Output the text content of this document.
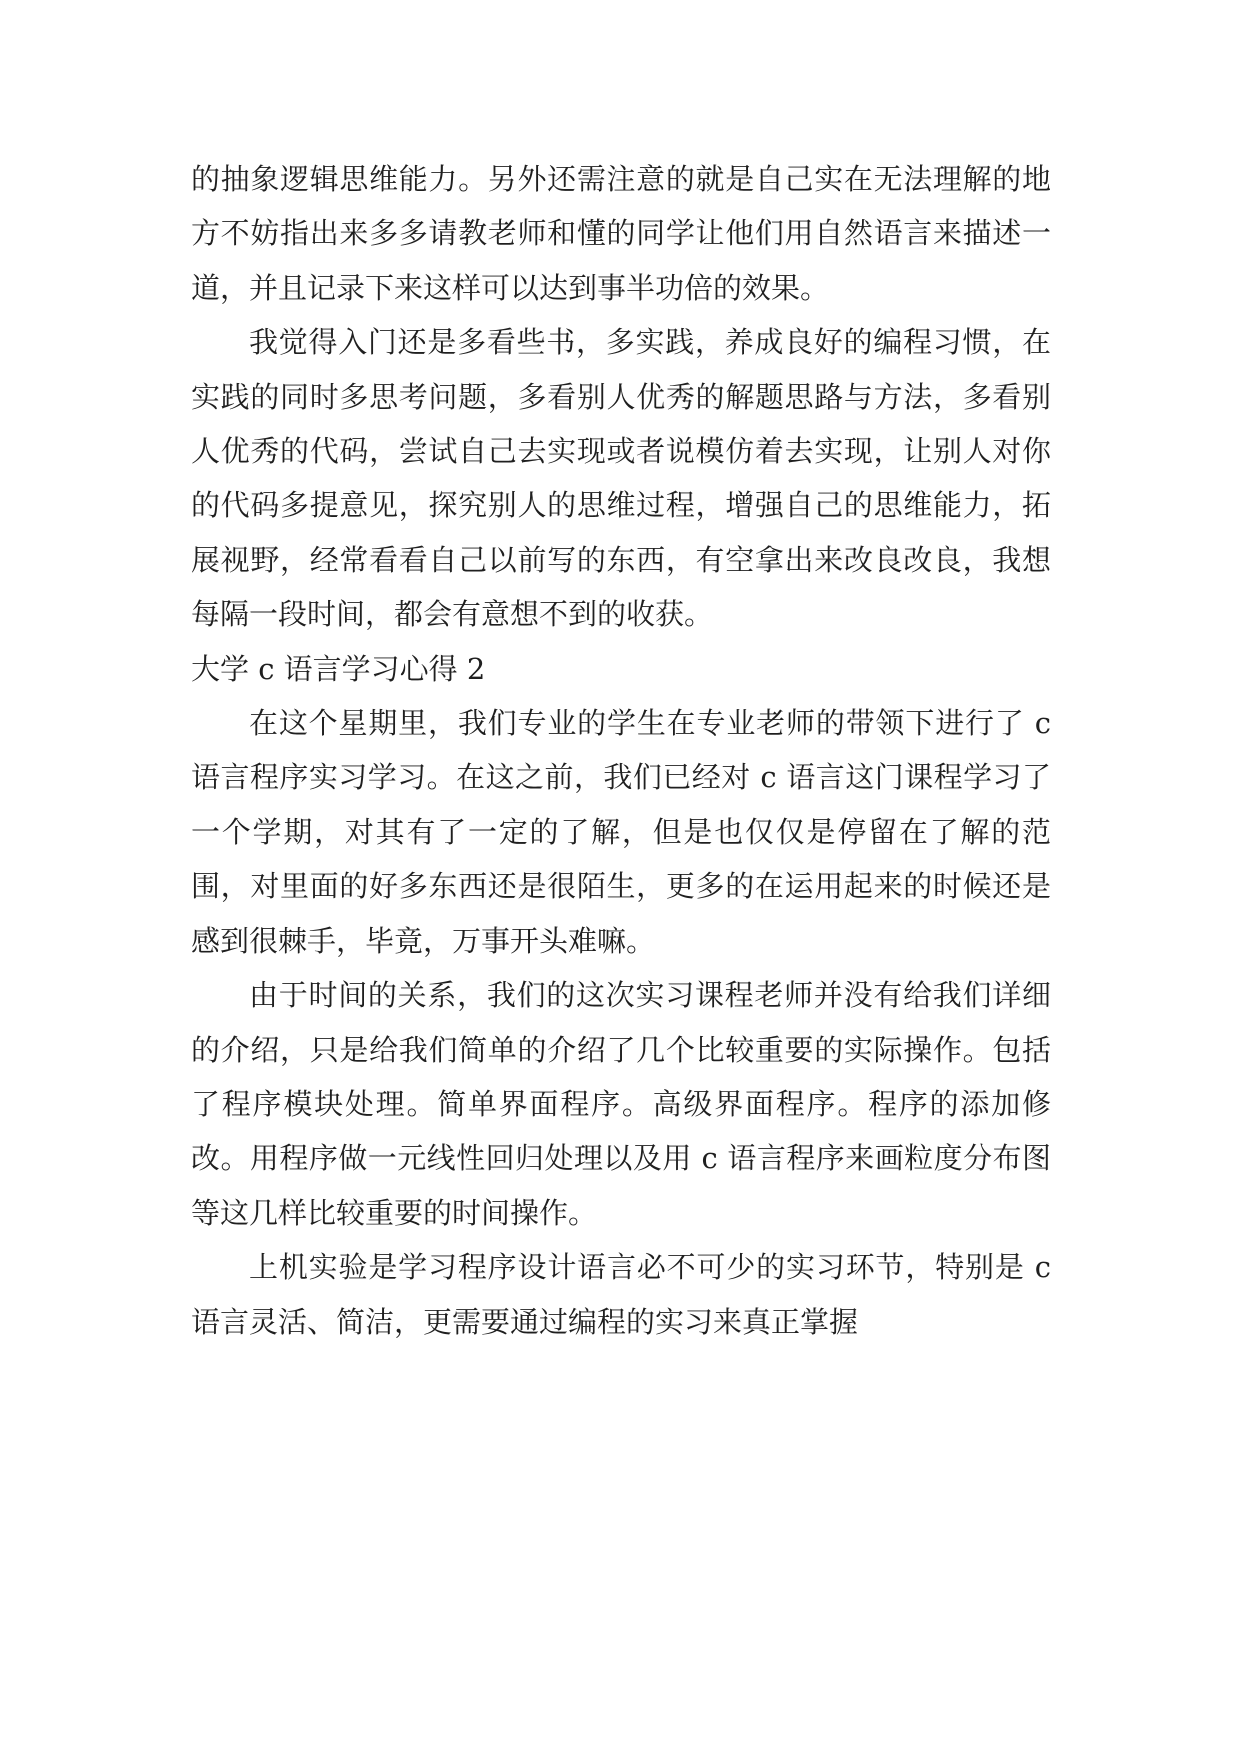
的抽象逻辑思维能力。另外还需注意的就是自己实在无法理解的地方不妨指出来多多请教老师和懂的同学让他们用自然语言来描述一道，并且记录下来这样可以达到事半功倍的效果。

我觉得入门还是多看些书，多实践，养成良好的编程习惯，在实践的同时多思考问题，多看别人优秀的解题思路与方法，多看别人优秀的代码，尝试自己去实现或者说模仿着去实现，让别人对你的代码多提意见，探究别人的思维过程，增强自己的思维能力，拓展视野，经常看看自己以前写的东西，有空拿出来改良改良，我想每隔一段时间，都会有意想不到的收获。

大学 c 语言学习心得 2

在这个星期里，我们专业的学生在专业老师的带领下进行了 c 语言程序实习学习。在这之前，我们已经对 c 语言这门课程学习了一个学期，对其有了一定的了解，但是也仅仅是停留在了解的范围，对里面的好多东西还是很陌生，更多的在运用起来的时候还是感到很棘手，毕竟，万事开头难嘛。

由于时间的关系，我们的这次实习课程老师并没有给我们详细的介绍，只是给我们简单的介绍了几个比较重要的实际操作。包括了程序模块处理。简单界面程序。高级界面程序。程序的添加修改。用程序做一元线性回归处理以及用 c 语言程序来画粒度分布图等这几样比较重要的时间操作。

上机实验是学习程序设计语言必不可少的实习环节，特别是 c 语言灵活、简洁，更需要通过编程的实习来真正掌握
